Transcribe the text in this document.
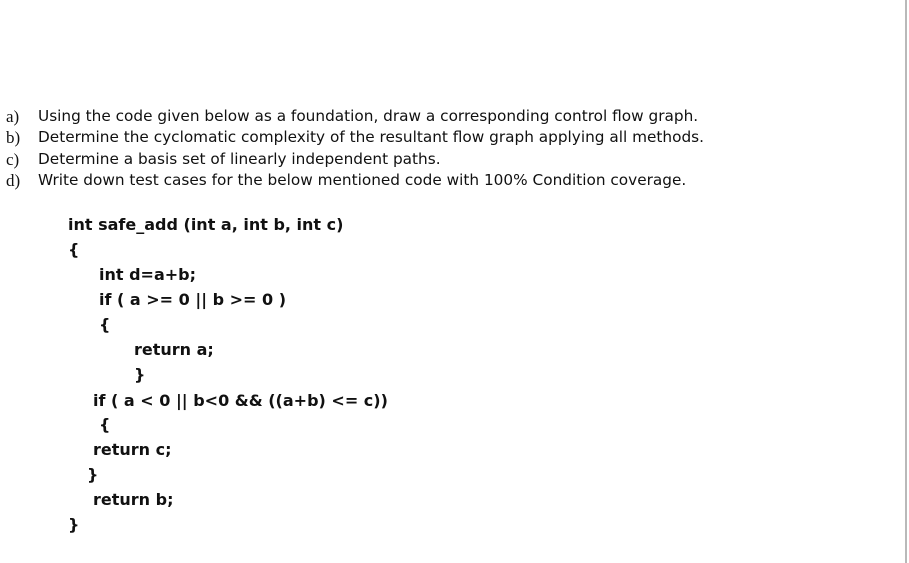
a) Using the code given below as a foundation, draw a corresponding control flow graph.
b) Determine the cyclomatic complexity of the resultant flow graph applying all methods.
c) Determine a basis set of linearly independent paths.
d) Write down test cases for the below mentioned code with 100% Condition coverage.
int safe_add (int a, int b, int c)
{
int d=a+b;
if ( a >= 0 || b >= 0 )
{
return a;
}
if ( a < 0 || b<0 && ((a+b) <= c))
{
return c;
}
return b;
}
